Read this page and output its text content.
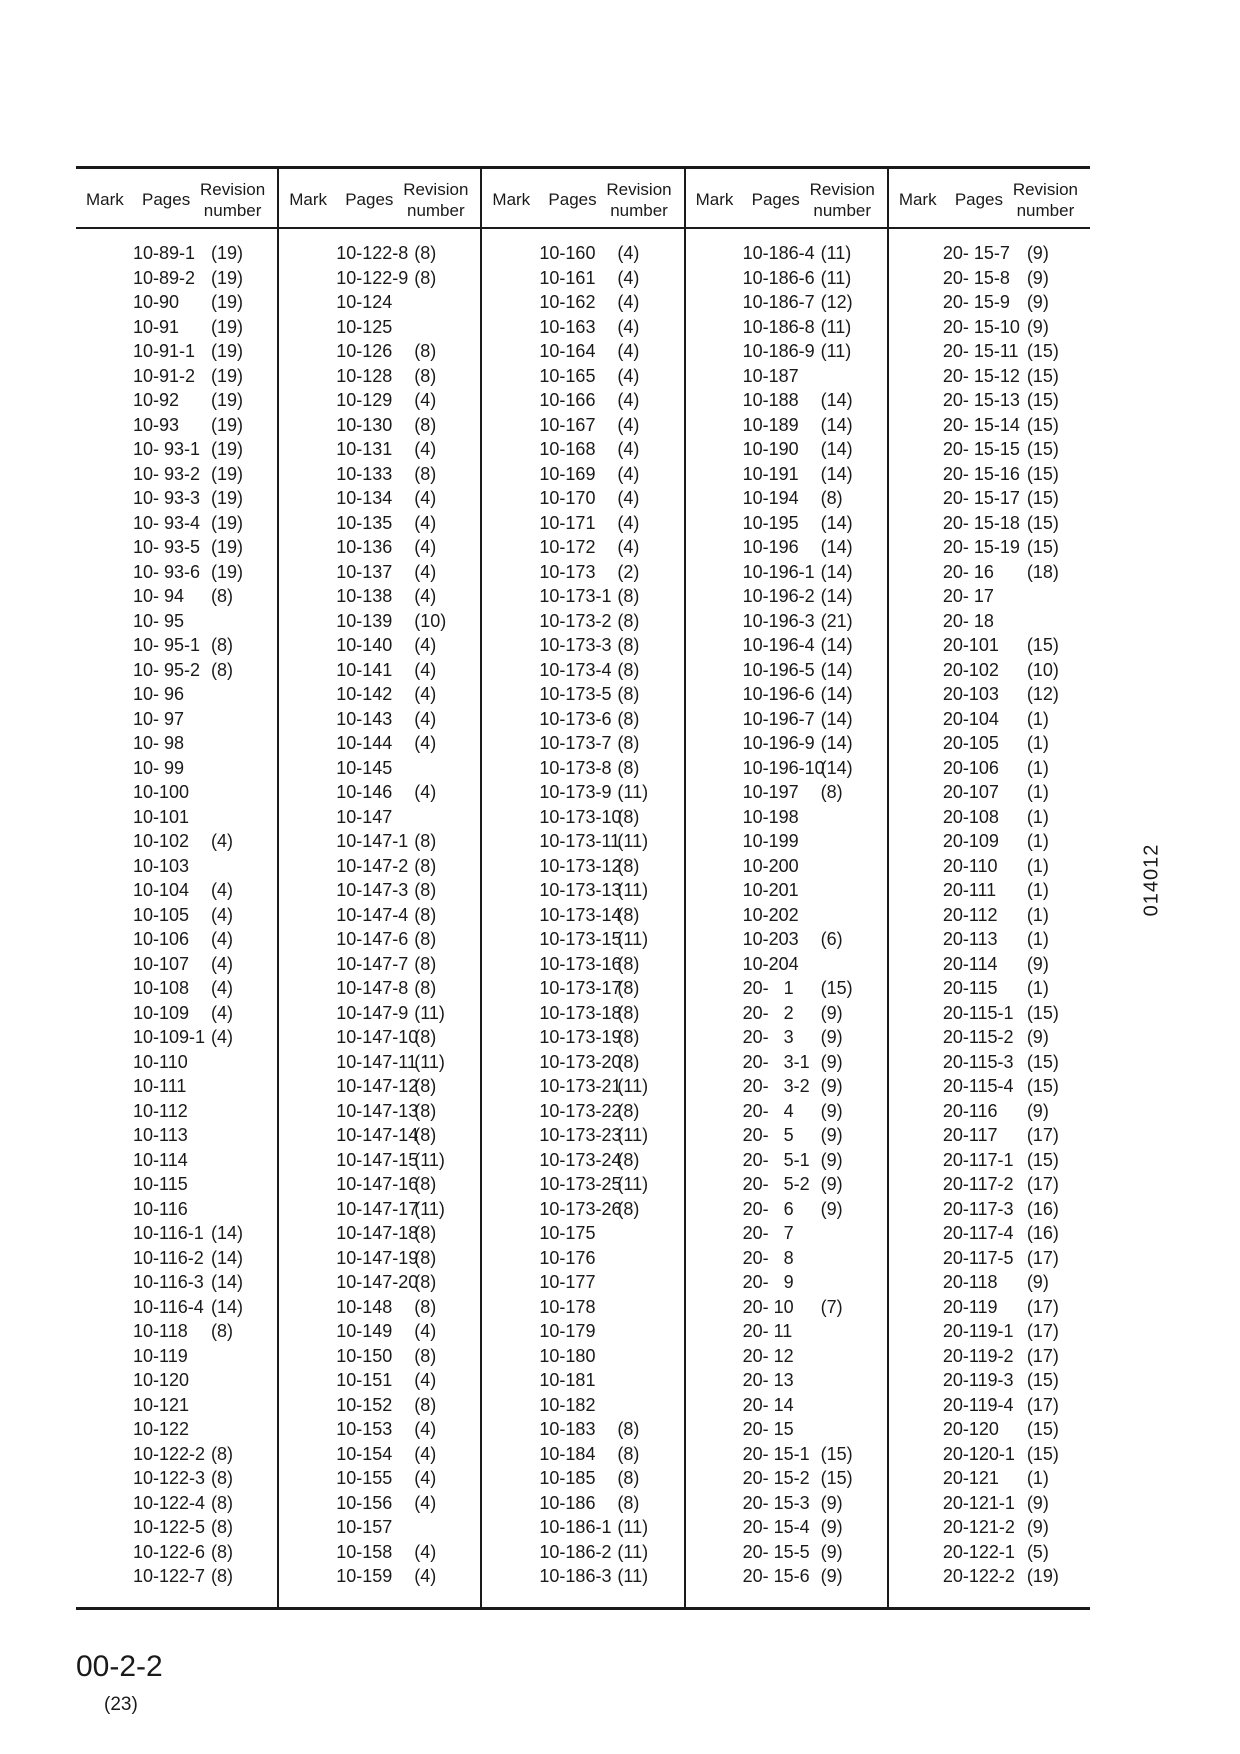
Mark Pages
Revision
number
10-89-1 (19)
10-89-2 (19)
10-90 (19)
10-91 (19)
10-91-1 (19)
10-91-2 (19)
10-92 (19)
10-93 (19)
10- 93-1 (19)
10- 93-2 (19)
10- 93-3 (19)
10- 93-4 (19)
10- 93-5 (19)
10- 93-6 (19)
10- 94 (8)
10- 95
10- 95-1 (8)
10- 95-2 (8)
10- 96
10- 97
10- 98
10- 99
10-100
10-101
10-102 (4)
10-103
10-104 (4)
10-105 (4)
10-106 (4)
10-107 (4)
10-108 (4)
10-109 (4)
10-109-1 (4)
10-110
10-111
10-112
10-113
10-114
10-115
10-116
10-116-1 (14)
10-116-2 (14)
10-116-3 (14)
10-116-4 (14)
10-118 (8)
10-119
10-120
10-121
10-122
10-122-2 (8)
10-122-3 (8)
10-122-4 (8)
10-122-5 (8)
10-122-6 (8)
10-122-7 (8)
Mark Pages
Revision
number
10-122-8 (8)
10-122-9 (8)
10-124
10-125
10-126 (8)
10-128 (8)
10-129 (4)
10-130 (8)
10-131 (4)
10-133 (8)
10-134 (4)
10-135 (4)
10-136 (4)
10-137 (4)
10-138 (4)
10-139 (10)
10-140 (4)
10-141 (4)
10-142 (4)
10-143 (4)
10-144 (4)
10-145
10-146 (4)
10-147
10-147-1 (8)
10-147-2 (8)
10-147-3 (8)
10-147-4 (8)
10-147-6 (8)
10-147-7 (8)
10-147-8 (8)
10-147-9 (11)
10-147-10
(8)
10-147-11
(11)
10-147-12
(8)
10-147-13
(8)
10-147-14
(8)
10-147-15
(11)
10-147-16
(8)
10-147-17
(11)
10-147-18
(8)
10-147-19
(8)
10-147-20
(8)
10-148 (8)
10-149 (4)
10-150 (8)
10-151 (4)
10-152 (8)
10-153 (4)
10-154 (4)
10-155 (4)
10-156 (4)
10-157
10-158 (4)
10-159 (4)
Mark Pages
Revision
number
10-160 (4)
10-161 (4)
10-162 (4)
10-163 (4)
10-164 (4)
10-165 (4)
10-166 (4)
10-167 (4)
10-168 (4)
10-169 (4)
10-170 (4)
10-171 (4)
10-172 (4)
10-173 (2)
10-173-1 (8)
10-173-2 (8)
10-173-3 (8)
10-173-4 (8)
10-173-5 (8)
10-173-6 (8)
10-173-7 (8)
10-173-8 (8)
10-173-9 (11)
10-173-10
(8)
10-173-11
(11)
10-173-12
(8)
10-173-13
(11)
10-173-14
(8)
10-173-15
(11)
10-173-16
(8)
10-173-17
(8)
10-173-18
(8)
10-173-19
(8)
10-173-20
(8)
10-173-21
(11)
10-173-22
(8)
10-173-23
(11)
10-173-24
(8)
10-173-25
(11)
10-173-26
(8)
10-175
10-176
10-177
10-178
10-179
10-180
10-181
10-182
10-183 (8)
10-184 (8)
10-185 (8)
10-186 (8)
10-186-1 (11)
10-186-2 (11)
10-186-3 (11)
Mark Pages
Revision
number
10-186-4 (11)
10-186-6 (11)
10-186-7 (12)
10-186-8 (11)
10-186-9 (11)
10-187
10-188 (14)
10-189 (14)
10-190 (14)
10-191 (14)
10-194 (8)
10-195 (14)
10-196 (14)
10-196-1 (14)
10-196-2 (14)
10-196-3 (21)
10-196-4 (14)
10-196-5 (14)
10-196-6 (14)
10-196-7 (14)
10-196-9 (14)
10-196-10
(14)
10-197 (8)
10-198
10-199
10-200
10-201
10-202
10-203 (6)
10-204
20-   1 (15)
20-   2 (9)
20-   3 (9)
20-   3-1 (9)
20-   3-2 (9)
20-   4 (9)
20-   5 (9)
20-   5-1 (9)
20-   5-2 (9)
20-   6 (9)
20-   7
20-   8
20-   9
20- 10 (7)
20- 11
20- 12
20- 13
20- 14
20- 15
20- 15-1 (15)
20- 15-2 (15)
20- 15-3 (9)
20- 15-4 (9)
20- 15-5 (9)
20- 15-6 (9)
Mark Pages
Revision
number
20- 15-7 (9)
20- 15-8 (9)
20- 15-9 (9)
20- 15-10 (9)
20- 15-11 (15)
20- 15-12 (15)
20- 15-13 (15)
20- 15-14 (15)
20- 15-15 (15)
20- 15-16 (15)
20- 15-17 (15)
20- 15-18 (15)
20- 15-19 (15)
20- 16 (18)
20- 17
20- 18
20-101 (15)
20-102 (10)
20-103 (12)
20-104 (1)
20-105 (1)
20-106 (1)
20-107 (1)
20-108 (1)
20-109 (1)
20-110 (1)
20-111 (1)
20-112 (1)
20-113 (1)
20-114 (9)
20-115 (1)
20-115-1 (15)
20-115-2 (9)
20-115-3 (15)
20-115-4 (15)
20-116 (9)
20-117 (17)
20-117-1 (15)
20-117-2 (17)
20-117-3 (16)
20-117-4 (16)
20-117-5 (17)
20-118 (9)
20-119 (17)
20-119-1 (17)
20-119-2 (17)
20-119-3 (15)
20-119-4 (17)
20-120 (15)
20-120-1 (15)
20-121 (1)
20-121-1 (9)
20-121-2 (9)
20-122-1 (5)
20-122-2 (19)
014012
00-2-2
(23)
